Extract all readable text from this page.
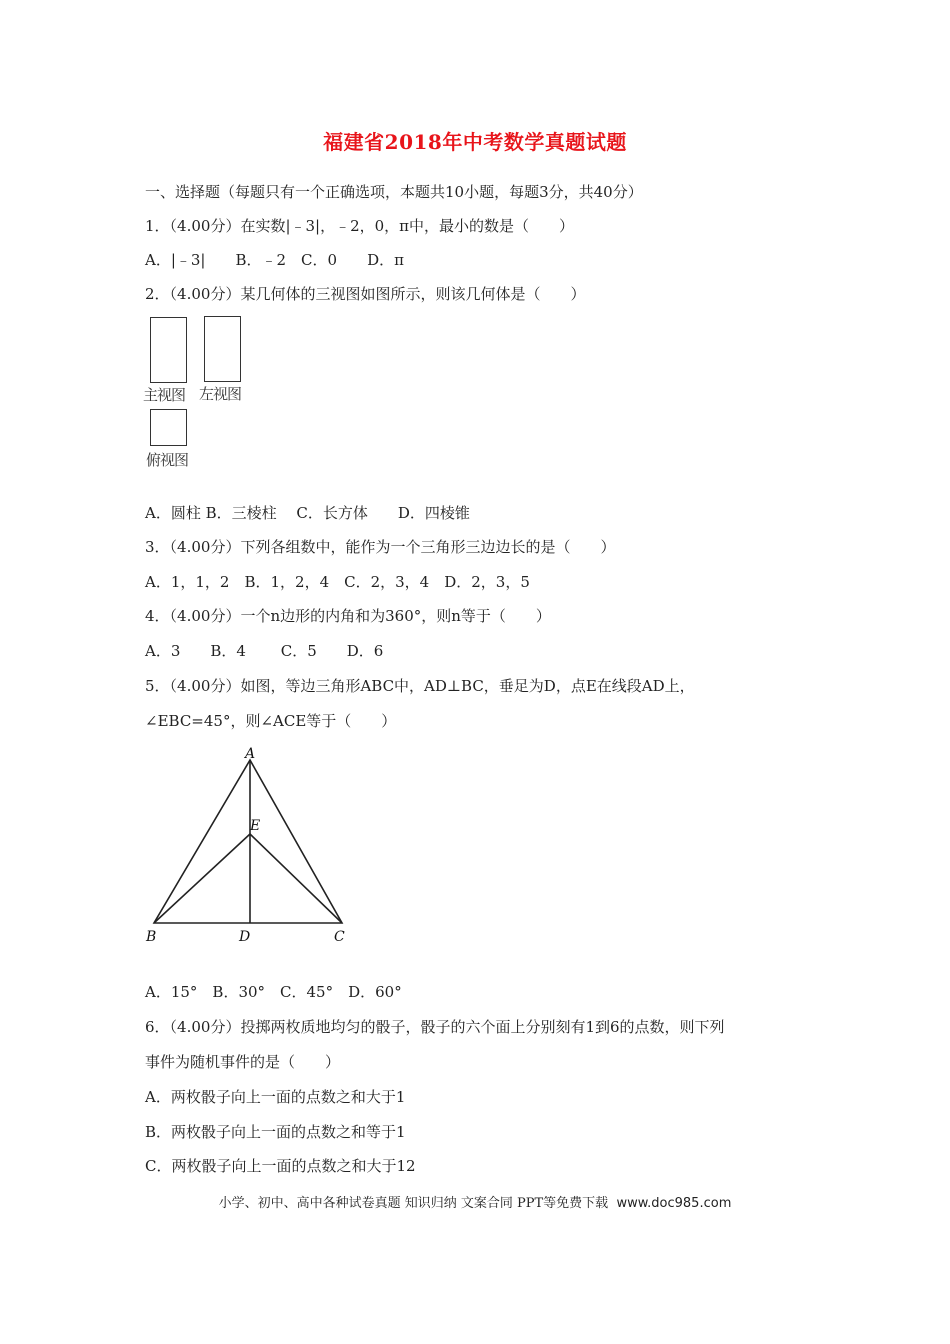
福建省2018年中考数学真题试题
一、选择题（每题只有一个正确选项，本题共10小题，每题3分，共40分）
1．（4.00分）在实数|﹣3|，﹣2，0，π中，最小的数是（　　）
A．|﹣3|　　B．﹣2　C．0　　D．π
2．（4.00分）某几何体的三视图如图所示，则该几何体是（　　）
主视图 左视图
俯视图
A．圆柱 B．三棱柱　 C．长方体　　D．四棱锥
3．（4.00分）下列各组数中，能作为一个三角形三边边长的是（　　）
A．1，1，2　B．1，2，4　C．2，3，4　D．2，3，5
4．（4.00分）一个n边形的内角和为360°，则n等于（　　）
A．3　　B．4　　 C．5　　D．6
5．（4.00分）如图，等边三角形ABC中，AD⊥BC，垂足为D，点E在线段AD上，
∠EBC=45°，则∠ACE等于（　　）
A
E
B	D	C
A．15°　B．30°　C．45°　D．60°
6．（4.00分）投掷两枚质地均匀的骰子，骰子的六个面上分别刻有1到6的点数，则下列
事件为随机事件的是（　　）
A．两枚骰子向上一面的点数之和大于1
B．两枚骰子向上一面的点数之和等于1
C．两枚骰子向上一面的点数之和大于12
小学、初中、高中各种试卷真题 知识归纳 文案合同 PPT等免费下载 www.doc985.com
